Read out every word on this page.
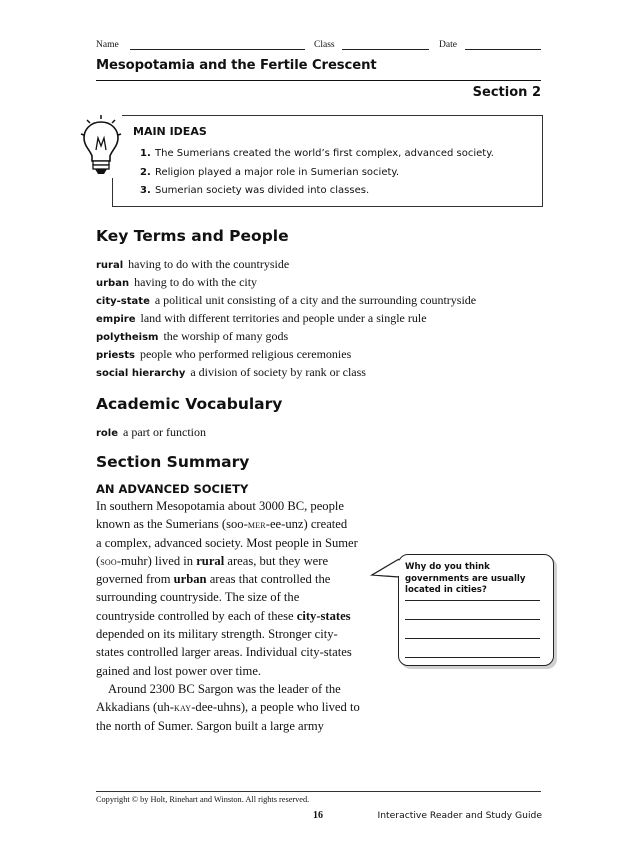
Name	Class	Date
Mesopotamia and the Fertile Crescent
Section 2
MAIN IDEAS
1. The Sumerians created the world’s first complex, advanced society.
2. Religion played a major role in Sumerian society.
3. Sumerian society was divided into classes.
Key Terms and People
rural having to do with the countryside
urban having to do with the city
city-state a political unit consisting of a city and the surrounding countryside
empire land with different territories and people under a single rule
polytheism the worship of many gods
priests people who performed religious ceremonies
social hierarchy a division of society by rank or class
Academic Vocabulary
role a part or function
Section Summary
AN ADVANCED SOCIETY
In southern Mesopotamia about 3000 BC, people
known as the Sumerians (soo-mer-ee-unz) created
a complex, advanced society. Most people in Sumer
(soo-muhr) lived in rural areas, but they were
governed from urban areas that controlled the
surrounding countryside. The size of the
countryside controlled by each of these city-states
depended on its military strength. Stronger city-
states controlled larger areas. Individual city-states
gained and lost power over time.
Around 2300 BC Sargon was the leader of the
Akkadians (uh-kay-dee-uhns), a people who lived to
the north of Sumer. Sargon built a large army
Why do you think governments are usually located in cities?
Copyright © by Holt, Rinehart and Winston. All rights reserved.
16	Interactive Reader and Study Guide
